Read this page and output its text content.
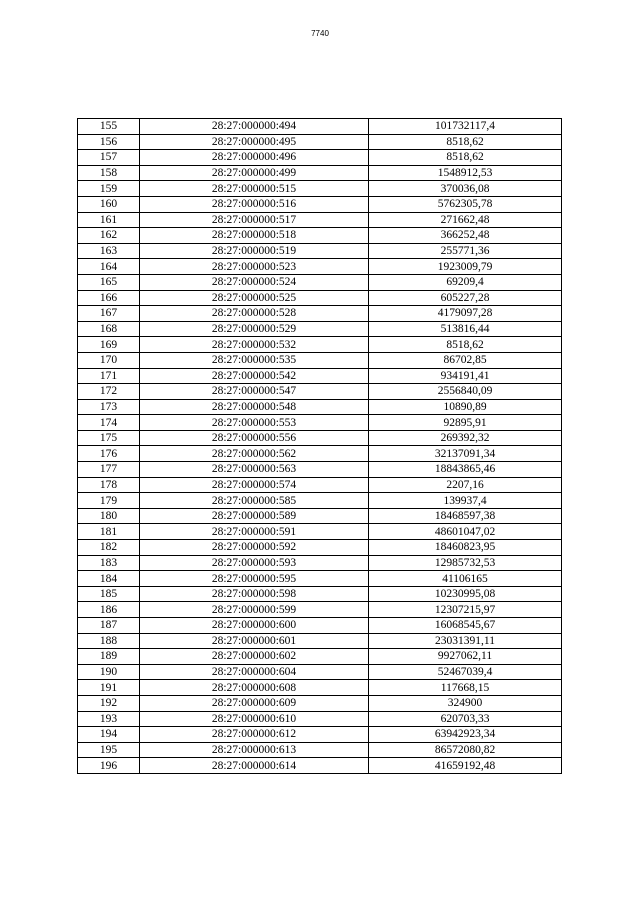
7740
155	28:27:000000:494	101732117,4
156	28:27:000000:495	8518,62
157	28:27:000000:496	8518,62
158	28:27:000000:499	1548912,53
159	28:27:000000:515	370036,08
160	28:27:000000:516	5762305,78
161	28:27:000000:517	271662,48
162	28:27:000000:518	366252,48
163	28:27:000000:519	255771,36
164	28:27:000000:523	1923009,79
165	28:27:000000:524	69209,4
166	28:27:000000:525	605227,28
167	28:27:000000:528	4179097,28
168	28:27:000000:529	513816,44
169	28:27:000000:532	8518,62
170	28:27:000000:535	86702,85
171	28:27:000000:542	934191,41
172	28:27:000000:547	2556840,09
173	28:27:000000:548	10890,89
174	28:27:000000:553	92895,91
175	28:27:000000:556	269392,32
176	28:27:000000:562	32137091,34
177	28:27:000000:563	18843865,46
178	28:27:000000:574	2207,16
179	28:27:000000:585	139937,4
180	28:27:000000:589	18468597,38
181	28:27:000000:591	48601047,02
182	28:27:000000:592	18460823,95
183	28:27:000000:593	12985732,53
184	28:27:000000:595	41106165
185	28:27:000000:598	10230995,08
186	28:27:000000:599	12307215,97
187	28:27:000000:600	16068545,67
188	28:27:000000:601	23031391,11
189	28:27:000000:602	9927062,11
190	28:27:000000:604	52467039,4
191	28:27:000000:608	117668,15
192	28:27:000000:609	324900
193	28:27:000000:610	620703,33
194	28:27:000000:612	63942923,34
195	28:27:000000:613	86572080,82
196	28:27:000000:614	41659192,48
